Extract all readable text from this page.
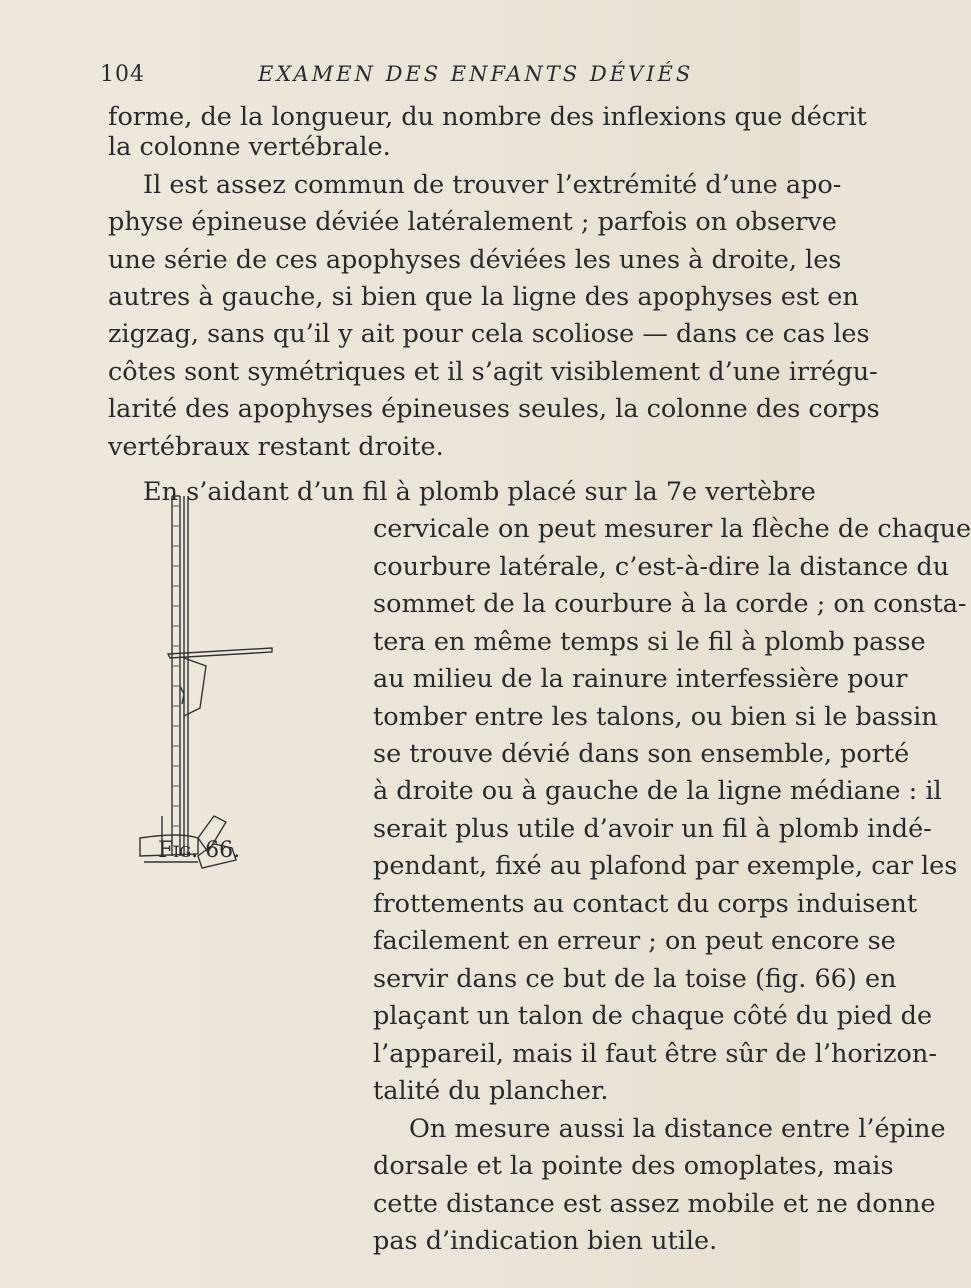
104	EXAMEN DES ENFANTS DÉVIÉS
forme, de la longueur, du nombre des inflexions que décrit
la colonne vertébrale.
Il est assez commun de trouver l’extrémité d’une apo-
physe épineuse déviée latéralement ; parfois on observe
une série de ces apophyses déviées les unes à droite, les
autres à gauche, si bien que la ligne des apophyses est en
zigzag, sans qu’il y ait pour cela scoliose — dans ce cas les
côtes sont symétriques et il s’agit visiblement d’une irrégu-
larité des apophyses épineuses seules, la colonne des corps
vertébraux restant droite.
En s’aidant d’un fil à plomb placé sur la 7e vertèbre
cervicale on peut mesurer la flèche de chaque
courbure latérale, c’est-à-dire la distance du
sommet de la courbure à la corde ; on consta-
tera en même temps si le fil à plomb passe
au milieu de la rainure interfessière pour
tomber entre les talons, ou bien si le bassin
se trouve dévié dans son ensemble, porté
à droite ou à gauche de la ligne médiane : il
serait plus utile d’avoir un fil à plomb indé-
pendant, fixé au plafond par exemple, car les
frottements au contact du corps induisent
facilement en erreur ; on peut encore se
servir dans ce but de la toise (fig. 66) en
plaçant un talon de chaque côté du pied de
l’appareil, mais il faut être sûr de l’horizon-
talité du plancher.
On mesure aussi la distance entre l’épine
dorsale et la pointe des omoplates, mais
cette distance est assez mobile et ne donne
pas d’indication bien utile.
Fig. 66.
